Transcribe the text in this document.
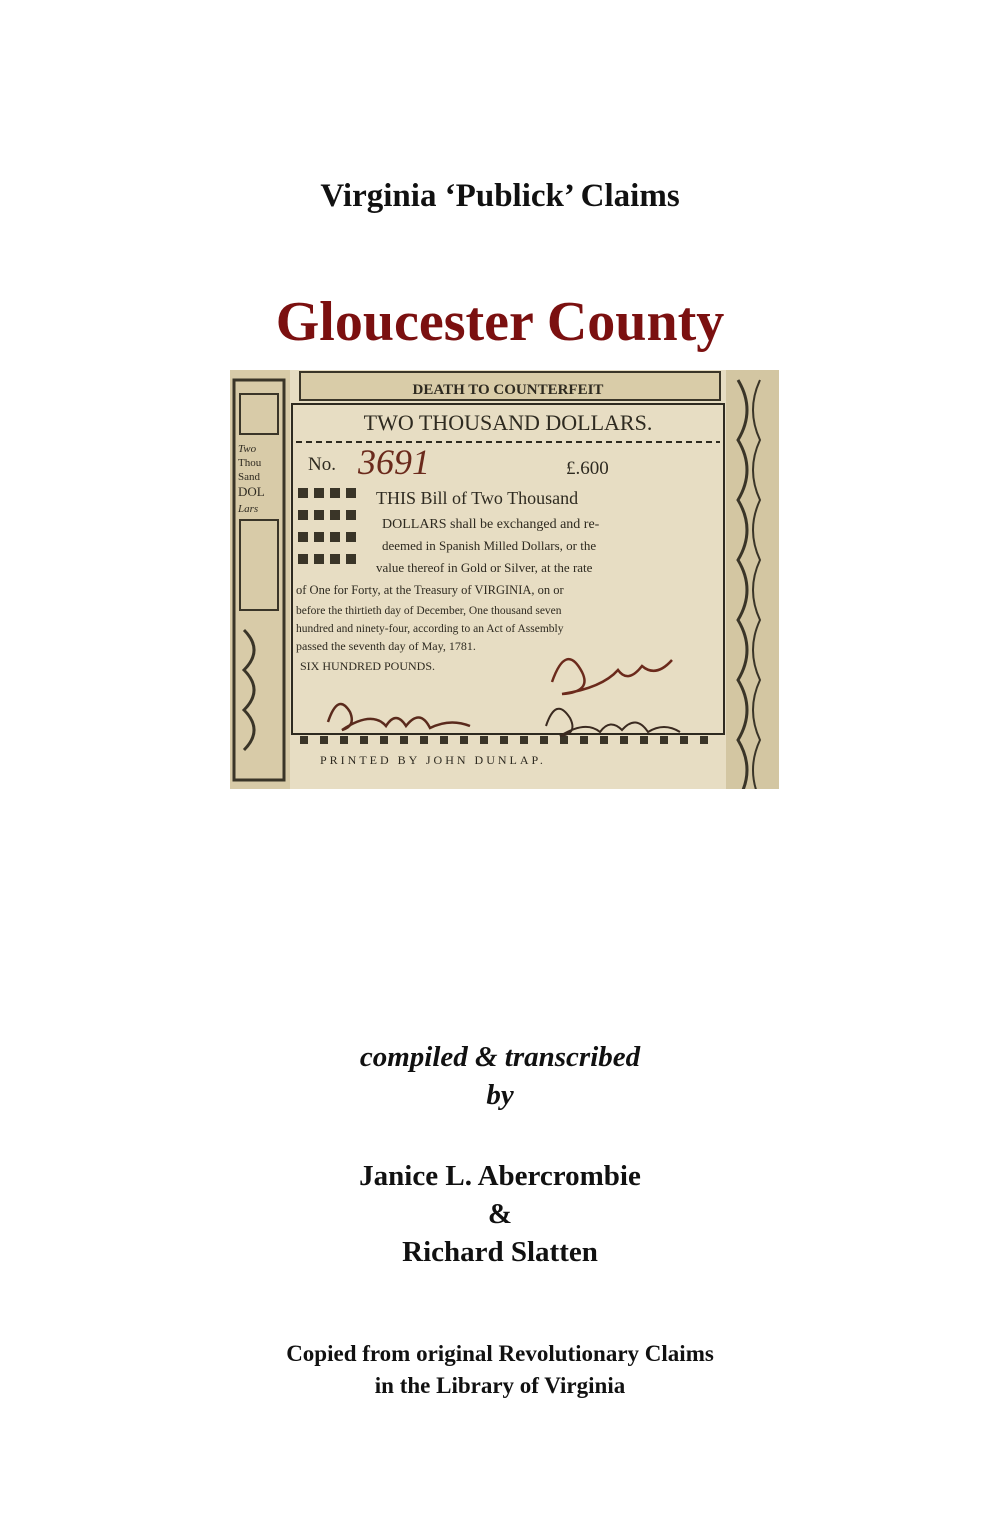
Virginia ‘Publick’ Claims
Gloucester County
DEATH TO COUNTERFEIT
TWO THOUSAND DOLLARS.
No.	£.600
THIS Bill of Two Thousand
DOLLARS shall be exchanged and re-
deemed in Spanish Milled Dollars, or the
value thereof in Gold or Silver, at the rate
of One for Forty, at the Treasury of VIRGINIA, on or
before the thirtieth day of December, One thousand seven
hundred and ninety-four, according to an Act of Assembly
passed the seventh day of May, 1781.
SIX HUNDRED POUNDS.
PRINTED BY JOHN DUNLAP.
Two
Thou
Sand
DOL
Lars
3691
compiled & transcribed
by
Janice L. Abercrombie
&
Richard Slatten
Copied from original Revolutionary Claims
in the Library of Virginia
